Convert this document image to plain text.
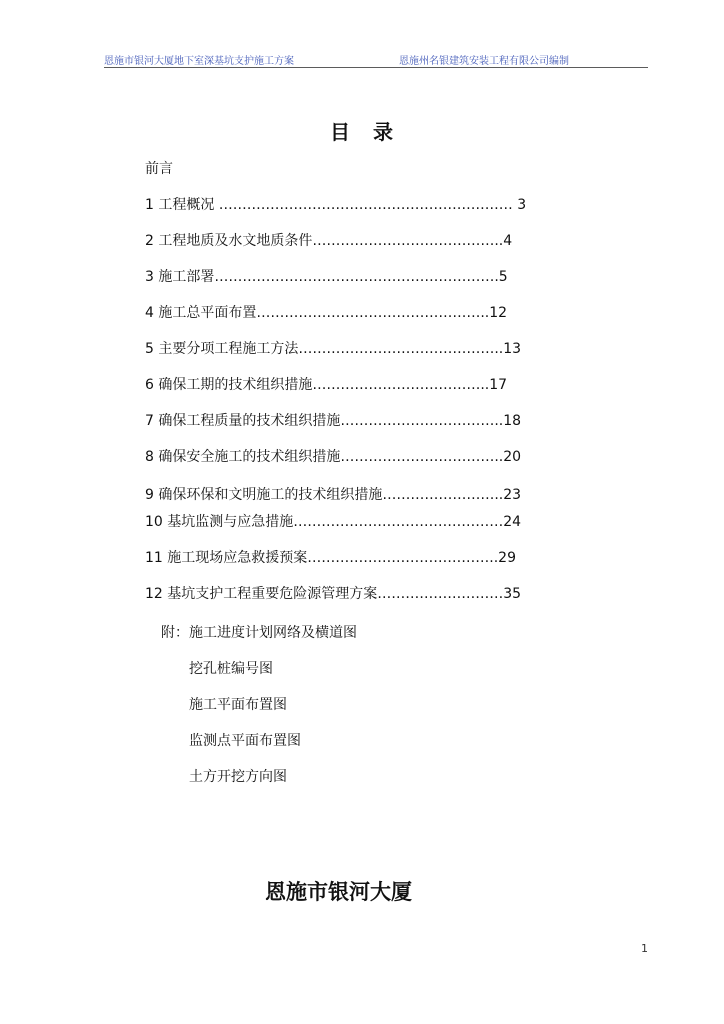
恩施市银河大厦地下室深基坑支护施工方案	恩施州名银建筑安装工程有限公司编制
目 录
前言
1 工程概况 ……………………………………………………… 3
2 工程地质及水文地质条件…………………………………..4
3 施工部署…………………………………………………….5
4 施工总平面布置…………………………………………..12
5 主要分项工程施工方法……………………………………..13
6 确保工期的技术组织措施………………………………..17
7 确保工程质量的技术组织措施……………………………..18
8 确保安全施工的技术组织措施……………………………..20
9 确保环保和文明施工的技术组织措施……………………..23
10 基坑监测与应急措施………………………………………24
11 施工现场应急救援预案…………………………………..29
12 基坑支护工程重要危险源管理方案………………………35
附：施工进度计划网络及横道图
挖孔桩编号图
施工平面布置图
监测点平面布置图
土方开挖方向图
恩施市银河大厦
1
